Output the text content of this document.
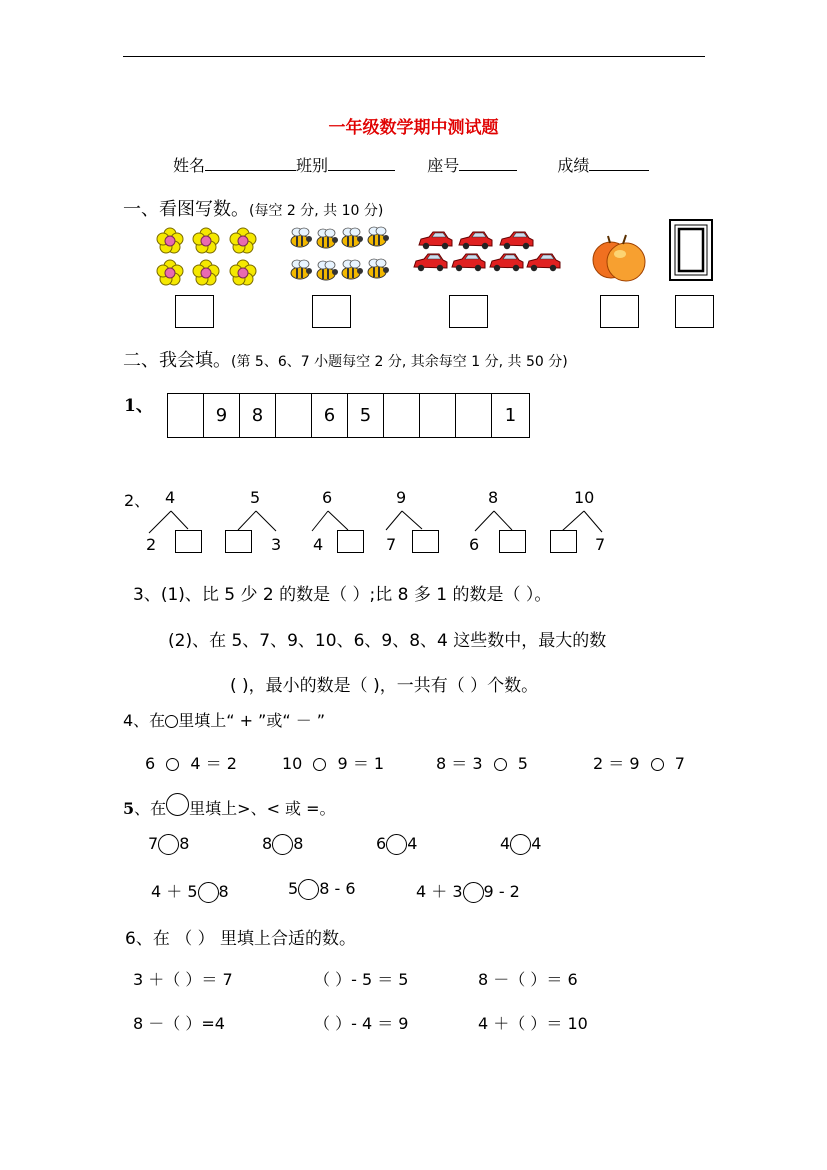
一年级数学期中测试题
姓名	班别	座号	成绩
一、看图写数。(每空 2 分, 共 10 分)
二、我会填。(第 5、6、7 小题每空 2 分, 其余每空 1 分, 共 50 分)
1、	9	8	6	5	1
2、 4	5	6	9	8	10
2	3 4	7	6	7
3、(1)、比 5 少 2 的数是（ ）;比 8 多 1 的数是（ ）。
(2)、在 5、7、9、10、6、9、8、4 这些数中，最大的数
( )，最小的数是（ )，一共有（ ）个数。
4、在 里填上“ + ”或“ － ”
6 4 ＝ 2	10 9 ＝ 1	8 ＝ 3 5	2 ＝ 9 7
5、在 里填上>、< 或 =。
7 8	8 8	6 4	4 4
4 ＋ 5 8	5 8 - 6	4 ＋ 3 9 - 2
6、在 （ ） 里填上合适的数。
3 ＋（ ）＝ 7	（ ）- 5 ＝ 5	8 －（ ）＝ 6
8 －（ ）=4	（ ）- 4 ＝ 9	4 ＋（ ）＝ 10
